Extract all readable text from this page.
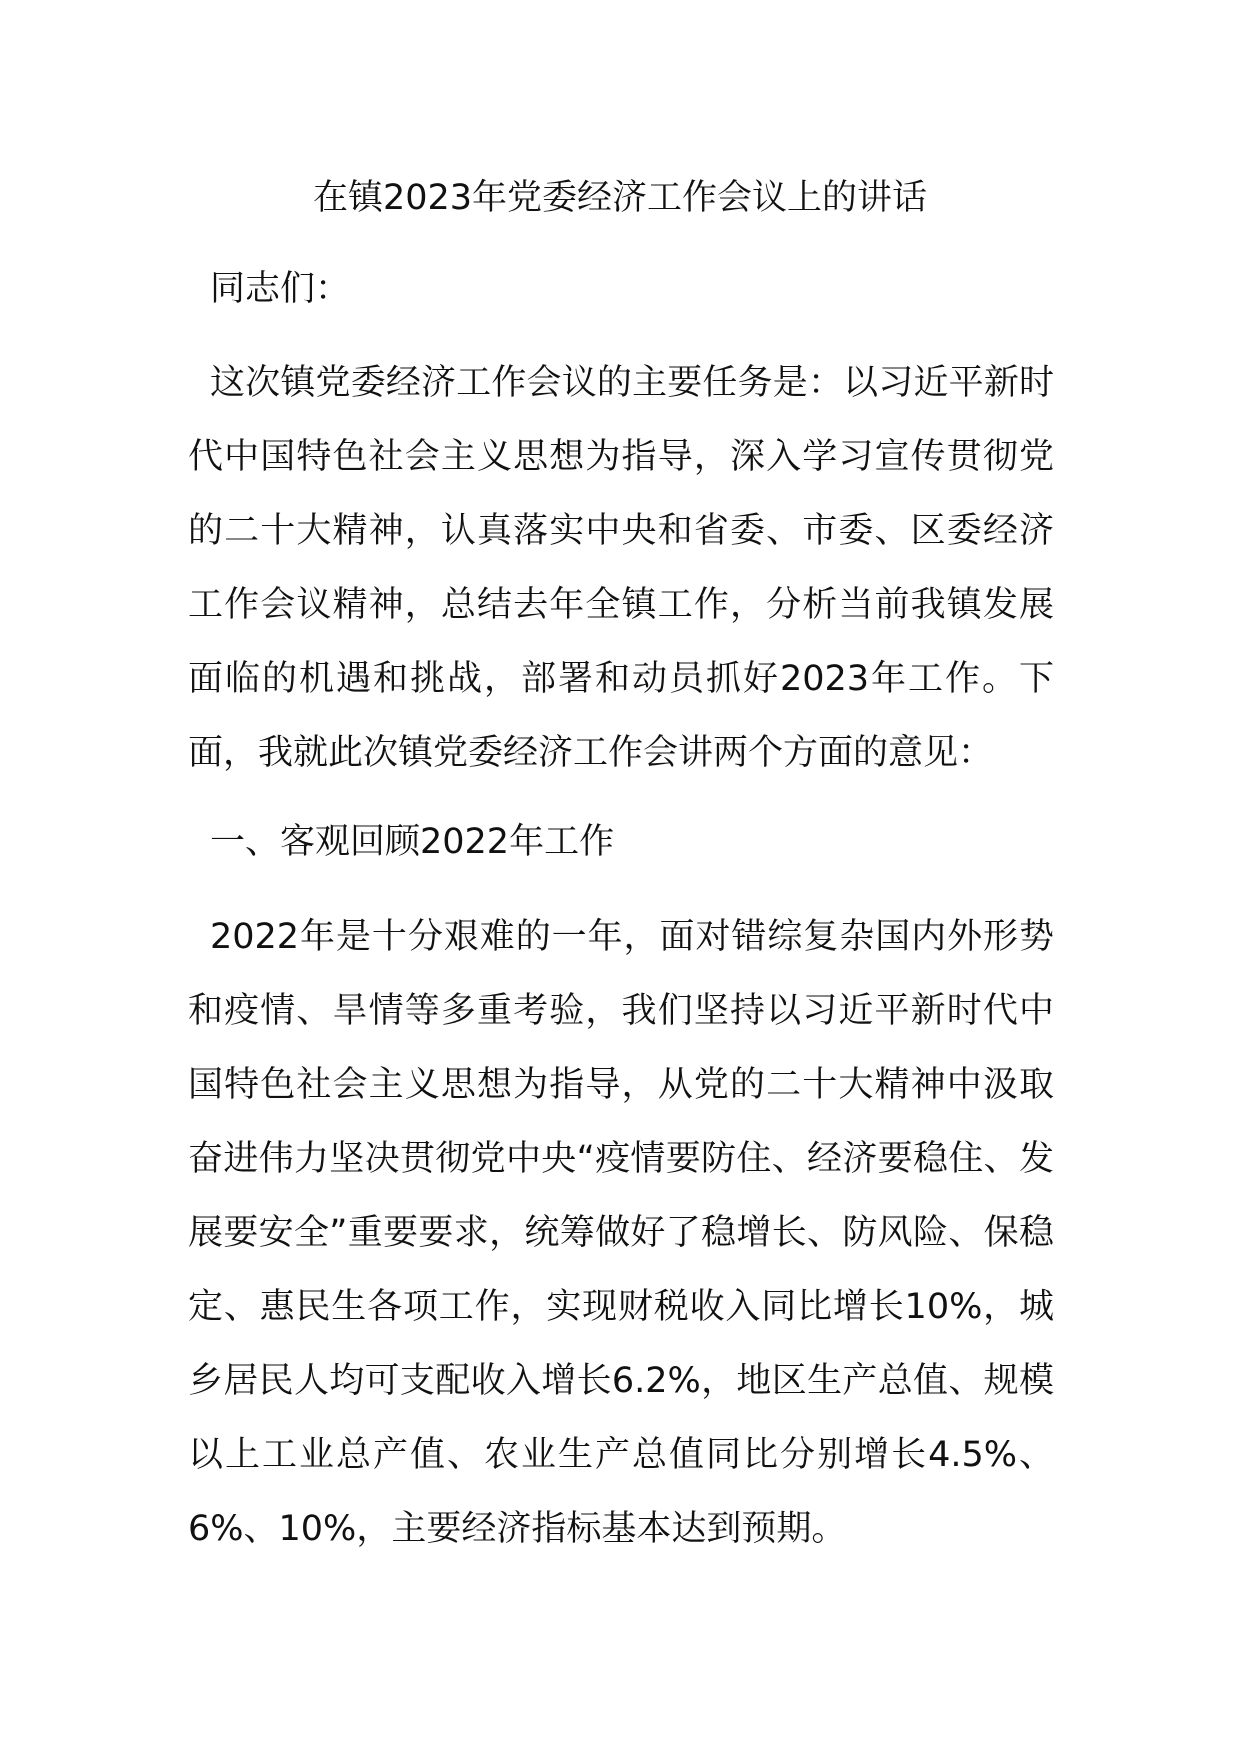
在镇2023年党委经济工作会议上的讲话

同志们：

这次镇党委经济工作会议的主要任务是：以习近平新时代中国特色社会主义思想为指导，深入学习宣传贯彻党的二十大精神，认真落实中央和省委、市委、区委经济工作会议精神，总结去年全镇工作，分析当前我镇发展面临的机遇和挑战，部署和动员抓好2023年工作。下面，我就此次镇党委经济工作会讲两个方面的意见：

一、客观回顾2022年工作

2022年是十分艰难的一年，面对错综复杂国内外形势和疫情、旱情等多重考验，我们坚持以习近平新时代中国特色社会主义思想为指导，从党的二十大精神中汲取奋进伟力坚决贯彻党中央“疫情要防住、经济要稳住、发展要安全”重要要求，统筹做好了稳增长、防风险、保稳定、惠民生各项工作，实现财税收入同比增长10%，城乡居民人均可支配收入增长6.2%，地区生产总值、规模以上工业总产值、农业生产总值同比分别增长4.5%、6%、10%，主要经济指标基本达到预期。
